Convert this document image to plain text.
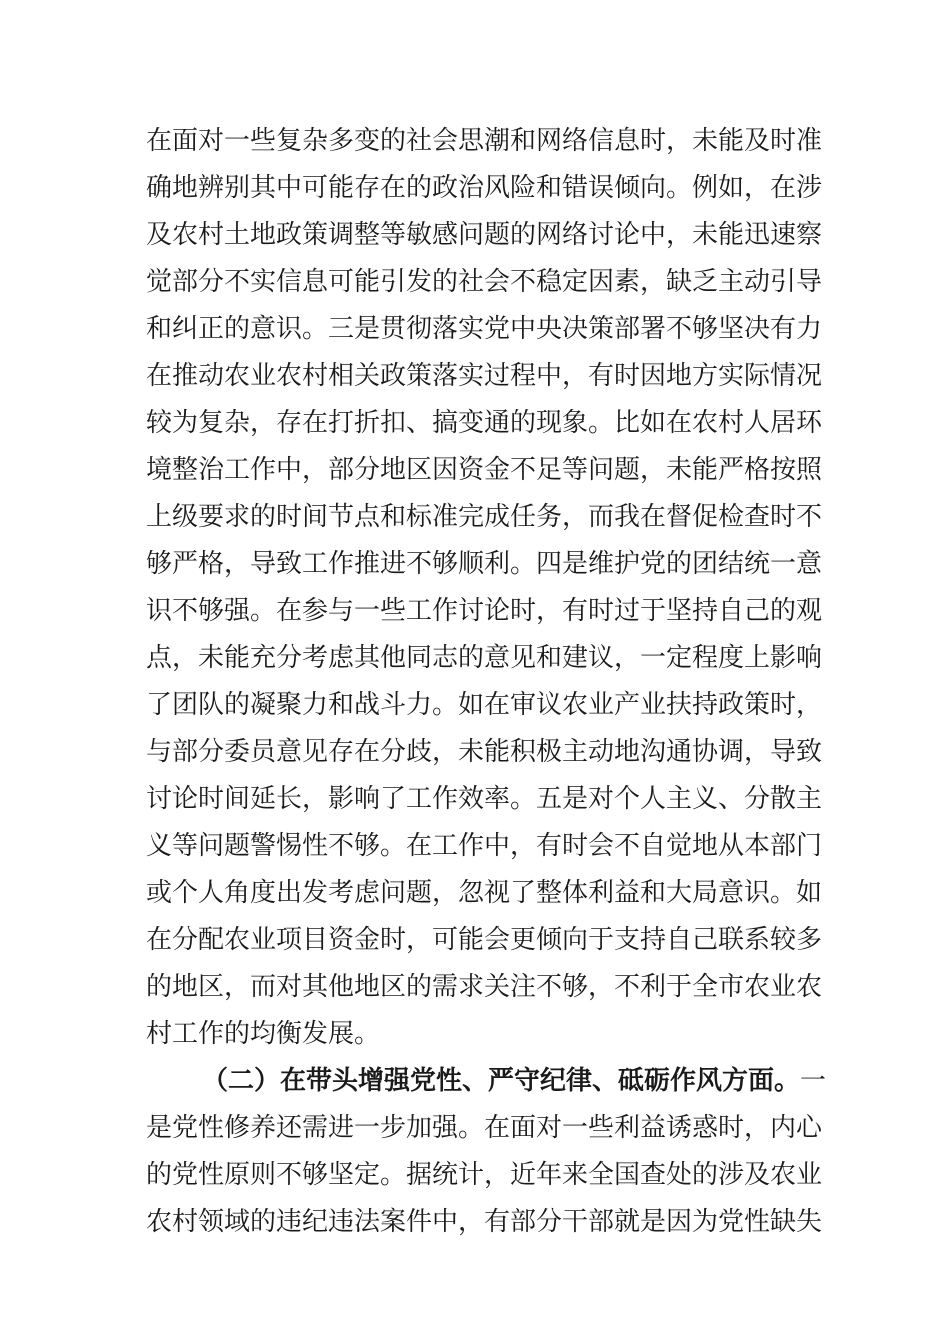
在面对一些复杂多变的社会思潮和网络信息时，未能及时准
确地辨别其中可能存在的政治风险和错误倾向。例如，在涉
及农村土地政策调整等敏感问题的网络讨论中，未能迅速察
觉部分不实信息可能引发的社会不稳定因素，缺乏主动引导
和纠正的意识。三是贯彻落实党中央决策部署不够坚决有力
在推动农业农村相关政策落实过程中，有时因地方实际情况
较为复杂，存在打折扣、搞变通的现象。比如在农村人居环
境整治工作中，部分地区因资金不足等问题，未能严格按照
上级要求的时间节点和标准完成任务，而我在督促检查时不
够严格，导致工作推进不够顺利。四是维护党的团结统一意
识不够强。在参与一些工作讨论时，有时过于坚持自己的观
点，未能充分考虑其他同志的意见和建议，一定程度上影响
了团队的凝聚力和战斗力。如在审议农业产业扶持政策时，
与部分委员意见存在分歧，未能积极主动地沟通协调，导致
讨论时间延长，影响了工作效率。五是对个人主义、分散主
义等问题警惕性不够。在工作中，有时会不自觉地从本部门
或个人角度出发考虑问题，忽视了整体利益和大局意识。如
在分配农业项目资金时，可能会更倾向于支持自己联系较多
的地区，而对其他地区的需求关注不够，不利于全市农业农
村工作的均衡发展。
（二）在带头增强党性、严守纪律、砥砺作风方面。一
是党性修养还需进一步加强。在面对一些利益诱惑时，内心
的党性原则不够坚定。据统计，近年来全国查处的涉及农业
农村领域的违纪违法案件中，有部分干部就是因为党性缺失
